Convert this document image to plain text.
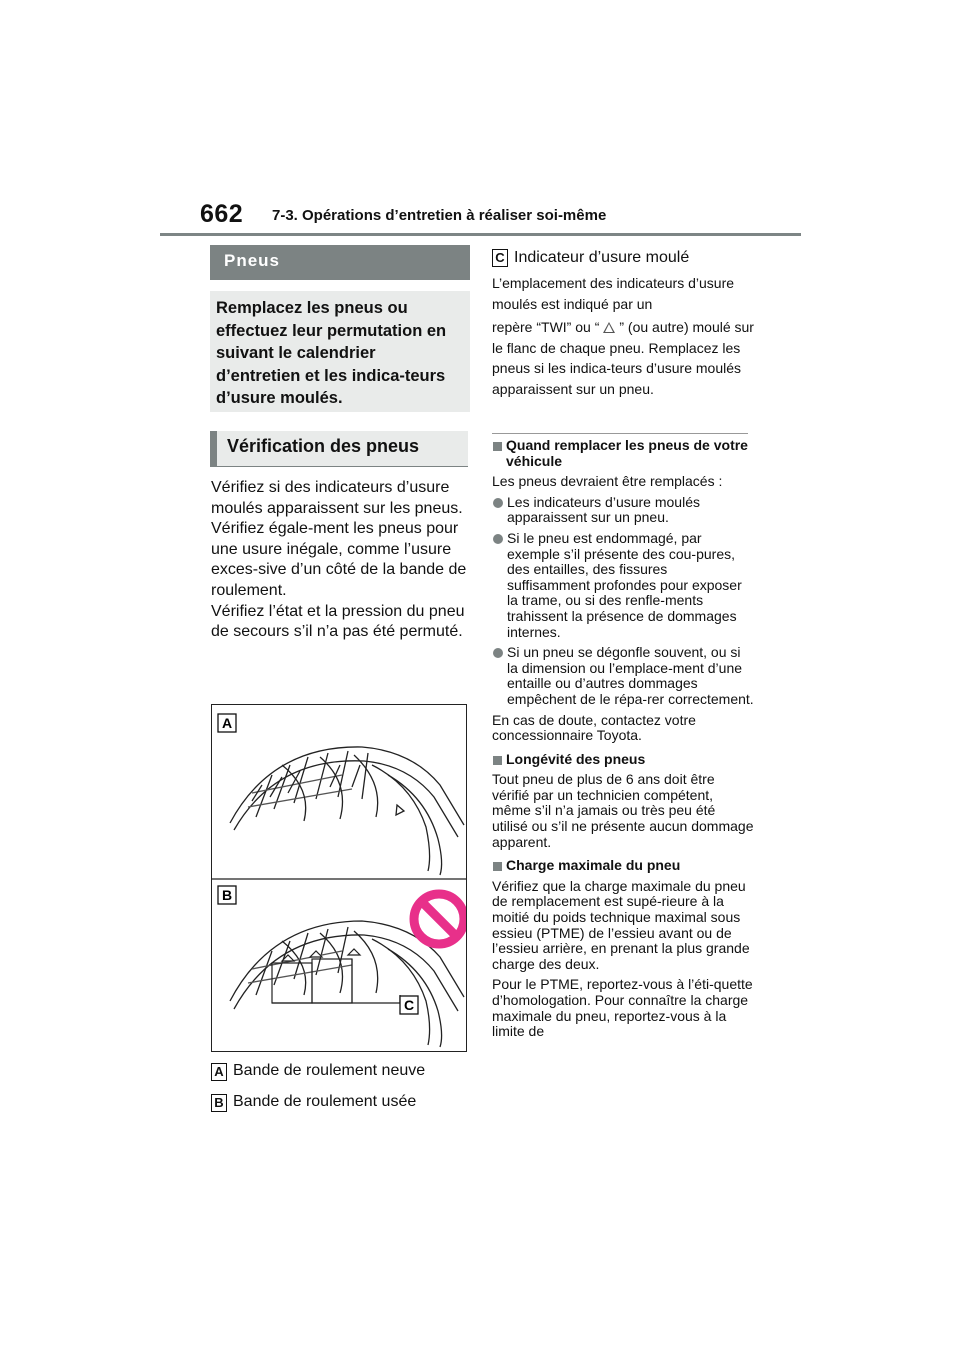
662 7-3. Opérations d’entretien à réaliser soi-même
Pneus

Remplacez les pneus ou effectuez leur permutation en suivant le calendrier d’entretien et les indica-teurs d’usure moulés.

Vérification des pneus

Vérifiez si des indicateurs d’usure moulés apparaissent sur les pneus. Vérifiez égale-ment les pneus pour une usure inégale, comme l’usure exces-sive d’un côté de la bande de roulement.

Vérifiez l’état et la pression du pneu de secours s’il n’a pas été permuté.

A
B
C
A Bande de roulement neuve
B Bande de roulement usée
C Indicateur d’usure moulé

L’emplacement des indicateurs d’usure moulés est indiqué par un

repère “TWI” ou “ ” (ou autre) moulé sur le flanc de chaque pneu. Remplacez les pneus si les indica-teurs d’usure moulés apparaissent sur un pneu.

Quand remplacer les pneus de votre véhicule
Les pneus devraient être remplacés :
Les indicateurs d’usure moulés apparaissent sur un pneu.
Si le pneu est endommagé, par exemple s’il présente des cou-pures, des entailles, des fissures suffisamment profondes pour exposer la trame, ou si des renfle-ments trahissent la présence de dommages internes.
Si un pneu se dégonfle souvent, ou si la dimension ou l’emplace-ment d’une entaille ou d’autres dommages empêchent de le répa-rer correctement.
En cas de doute, contactez votre concessionnaire Toyota.
Longévité des pneus
Tout pneu de plus de 6 ans doit être vérifié par un technicien compétent, même s’il n’a jamais ou très peu été utilisé ou s’il ne présente aucun dommage apparent.
Charge maximale du pneu
Vérifiez que la charge maximale du pneu de remplacement est supé-rieure à la moitié du poids technique maximal sous essieu (PTME) de l’essieu avant ou de l’essieu arrière, en prenant la plus grande charge des deux.
Pour le PTME, reportez-vous à l’éti-quette d’homologation. Pour connaître la charge maximale du pneu, reportez-vous à la limite de
